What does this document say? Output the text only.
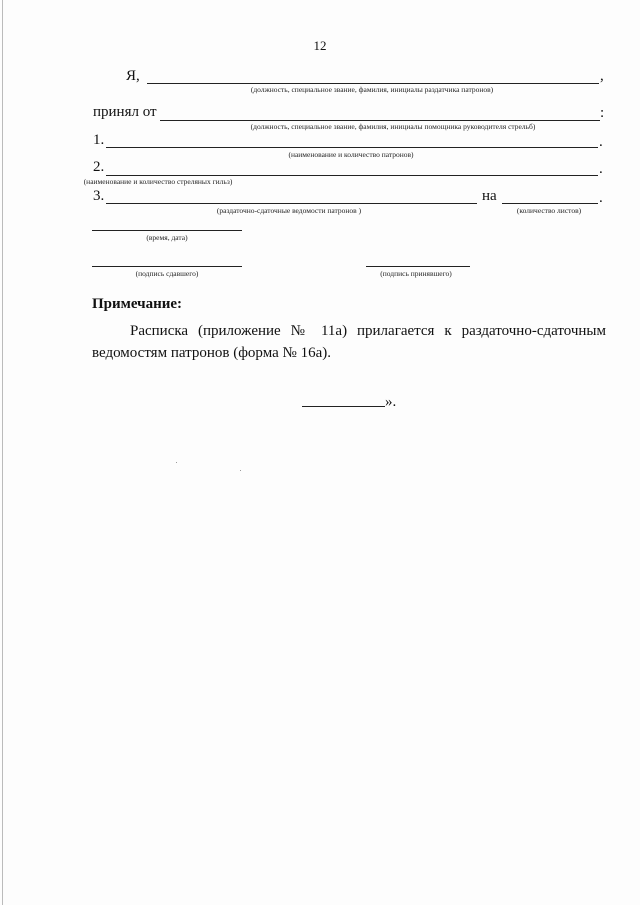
12
Я,	,
(должность, специальное звание, фамилия, инициалы раздатчика патронов)
принял от	:
(должность, специальное звание, фамилия, инициалы помощника руководителя стрельб)
1.	.
(наименование и количество патронов)
2.	.
(наименование и количество стреляных гильз)
3.	на	.
(раздаточно-сдаточные ведомости патронов )	(количество листов)
(время, дата)
(подпись сдавшего)	(подпись принявшего)
Примечание:
Расписка (приложение № 11а) прилагается к раздаточно-сдаточным ведомостям патронов (форма № 16а).
».
